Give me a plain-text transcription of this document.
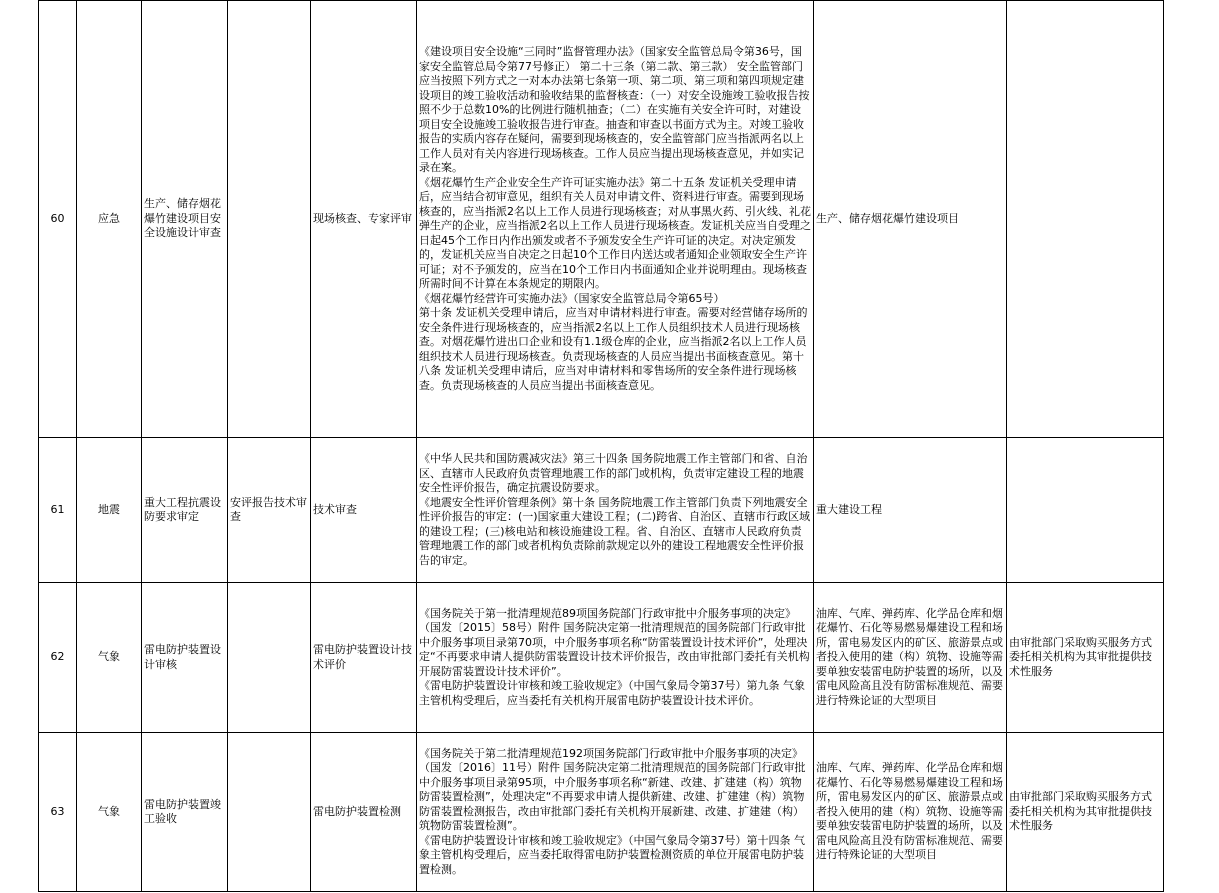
60	应急	生产、储存烟花爆竹建设项目安全设施设计审查		现场核查、专家评审	《建设项目安全设施“三同时”监督管理办法》（国家安全监管总局令第36号，国家安全监管总局令第77号修正） 第二十三条（第二款、第三款） 安全监管部门应当按照下列方式之一对本办法第七条第一项、第二项、第三项和第四项规定建设项目的竣工验收活动和验收结果的监督核查：（一）对安全设施竣工验收报告按照不少于总数10%的比例进行随机抽查；（二）在实施有关安全许可时，对建设项目安全设施竣工验收报告进行审查。抽查和审查以书面方式为主。对竣工验收报告的实质内容存在疑问，需要到现场核查的，安全监管部门应当指派两名以上工作人员对有关内容进行现场核查。工作人员应当提出现场核查意见，并如实记录在案。
《烟花爆竹生产企业安全生产许可证实施办法》第二十五条 发证机关受理申请后，应当结合初审意见，组织有关人员对申请文件、资料进行审查。需要到现场核查的，应当指派2名以上工作人员进行现场核查；对从事黑火药、引火线、礼花弹生产的企业，应当指派2名以上工作人员进行现场核查。发证机关应当自受理之日起45个工作日内作出颁发或者不予颁发安全生产许可证的决定。对决定颁发的，发证机关应当自决定之日起10个工作日内送达或者通知企业领取安全生产许可证；对不予颁发的，应当在10个工作日内书面通知企业并说明理由。现场核查所需时间不计算在本条规定的期限内。
《烟花爆竹经营许可实施办法》（国家安全监管总局令第65号）
第十条 发证机关受理申请后，应当对申请材料进行审查。需要对经营储存场所的安全条件进行现场核查的，应当指派2名以上工作人员组织技术人员进行现场核查。对烟花爆竹进出口企业和设有1.1级仓库的企业，应当指派2名以上工作人员组织技术人员进行现场核查。负责现场核查的人员应当提出书面核查意见。第十八条 发证机关受理申请后，应当对申请材料和零售场所的安全条件进行现场核查。负责现场核查的人员应当提出书面核查意见。	生产、储存烟花爆竹建设项目	
61	地震	重大工程抗震设防要求审定	安评报告技术审查	技术审查	《中华人民共和国防震减灾法》第三十四条 国务院地震工作主管部门和省、自治区、直辖市人民政府负责管理地震工作的部门或机构，负责审定建设工程的地震安全性评价报告，确定抗震设防要求。
《地震安全性评价管理条例》第十条 国务院地震工作主管部门负责下列地震安全性评价报告的审定：(一)国家重大建设工程；(二)跨省、自治区、直辖市行政区域的建设工程；(三)核电站和核设施建设工程。省、自治区、直辖市人民政府负责管理地震工作的部门或者机构负责除前款规定以外的建设工程地震安全性评价报告的审定。	重大建设工程	
62	气象	雷电防护装置设计审核		雷电防护装置设计技术评价	《国务院关于第一批清理规范89项国务院部门行政审批中介服务事项的决定》（国发〔2015〕58号）附件 国务院决定第一批清理规范的国务院部门行政审批中介服务事项目录第70项，中介服务事项名称“防雷装置设计技术评价”，处理决定“不再要求申请人提供防雷装置设计技术评价报告，改由审批部门委托有关机构开展防雷装置设计技术评价”。
《雷电防护装置设计审核和竣工验收规定》（中国气象局令第37号）第九条 气象主管机构受理后，应当委托有关机构开展雷电防护装置设计技术评价。	油库、气库、弹药库、化学品仓库和烟花爆竹、石化等易燃易爆建设工程和场所，雷电易发区内的矿区、旅游景点或者投入使用的建（构）筑物、设施等需要单独安装雷电防护装置的场所，以及雷电风险高且没有防雷标准规范、需要进行特殊论证的大型项目	由审批部门采取购买服务方式委托相关机构为其审批提供技术性服务
63	气象	雷电防护装置竣工验收		雷电防护装置检测	《国务院关于第二批清理规范192项国务院部门行政审批中介服务事项的决定》（国发〔2016〕11号）附件 国务院决定第二批清理规范的国务院部门行政审批中介服务事项目录第95项，中介服务事项名称“新建、改建、扩建建（构）筑物防雷装置检测”，处理决定“不再要求申请人提供新建、改建、扩建建（构）筑物防雷装置检测报告，改由审批部门委托有关机构开展新建、改建、扩建建（构）筑物防雷装置检测”。
《雷电防护装置设计审核和竣工验收规定》（中国气象局令第37号）第十四条 气象主管机构受理后，应当委托取得雷电防护装置检测资质的单位开展雷电防护装置检测。	油库、气库、弹药库、化学品仓库和烟花爆竹、石化等易燃易爆建设工程和场所，雷电易发区内的矿区、旅游景点或者投入使用的建（构）筑物、设施等需要单独安装雷电防护装置的场所，以及雷电风险高且没有防雷标准规范、需要进行特殊论证的大型项目	由审批部门采取购买服务方式委托相关机构为其审批提供技术性服务
